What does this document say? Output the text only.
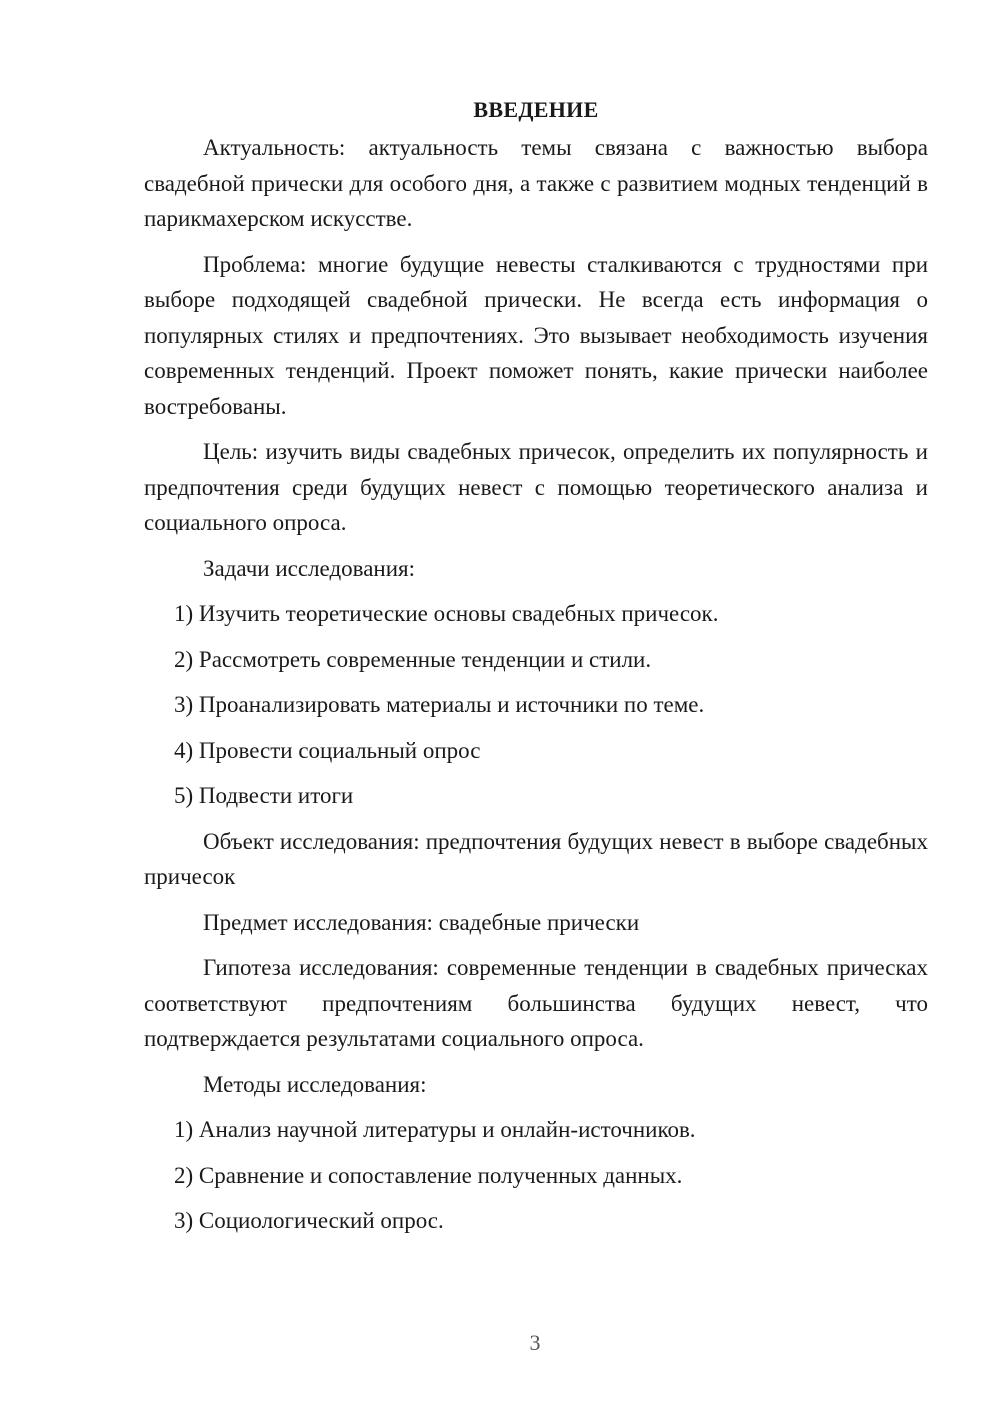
ВВЕДЕНИЕ

Актуальность: актуальность темы связана с важностью выбора свадебной прически для особого дня, а также с развитием модных тенденций в парикмахерском искусстве.

Проблема: многие будущие невесты сталкиваются с трудностями при выборе подходящей свадебной прически. Не всегда есть информация о популярных стилях и предпочтениях. Это вызывает необходимость изучения современных тенденций. Проект поможет понять, какие прически наиболее востребованы.

Цель: изучить виды свадебных причесок, определить их популярность и предпочтения среди будущих невест с помощью теоретического анализа и социального опроса.

Задачи исследования:

1) Изучить теоретические основы свадебных причесок.

2) Рассмотреть современные тенденции и стили.

3) Проанализировать материалы и источники по теме.

4) Провести социальный опрос

5) Подвести итоги

Объект исследования: предпочтения будущих невест в выборе свадебных причесок

Предмет исследования: свадебные прически

Гипотеза исследования: современные тенденции в свадебных прическах соответствуют предпочтениям большинства будущих невест, что подтверждается результатами социального опроса.

Методы исследования:

1) Анализ научной литературы и онлайн-источников.

2) Сравнение и сопоставление полученных данных.

3) Социологический опрос.

3
